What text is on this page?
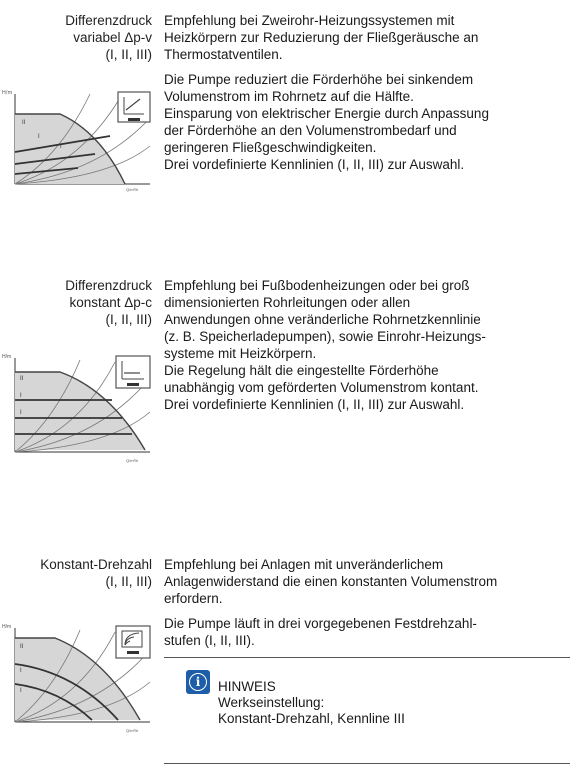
Differenzdruck
variabel Δp-v
(I, II, III)

Empfehlung bei Zweirohr-Heizungssystemen mit
Heizkörpern zur Reduzierung der Fließgeräusche an
Thermostatventilen.

Die Pumpe reduziert die Förderhöhe bei sinkendem
Volumenstrom im Rohrnetz auf die Hälfte.

Einsparung von elektrischer Energie durch Anpassung
der Förderhöhe an den Volumenstrombedarf und
geringeren Fließgeschwindigkeiten.

Drei vordefinierte Kennlinien (I, II, III) zur Auswahl.

H/m
II
I
I
Q/m³/h
Differenzdruck
konstant Δp-c
(I, II, III)

Empfehlung bei Fußbodenheizungen oder bei groß
dimensionierten Rohrleitungen oder allen
Anwendungen ohne veränderliche Rohrnetzkennlinie
(z. B. Speicherladepumpen), sowie Einrohr-Heizungs-
systeme mit Heizkörpern.

Die Regelung hält die eingestellte Förderhöhe
unabhängig vom geförderten Volumenstrom kontant.

Drei vordefinierte Kennlinien (I, II, III) zur Auswahl.

H/m
II
I
I
Q/m³/h
Konstant-Drehzahl
(I, II, III)

Empfehlung bei Anlagen mit unveränderlichem
Anlagenwiderstand die einen konstanten Volumenstrom
erfordern.

Die Pumpe läuft in drei vorgegebenen Festdrehzahl-
stufen (I, II, III).

H/m
II
I
I
Q/m³/h
i	HINWEIS
Werkseinstellung:
Konstant-Drehzahl, Kennline III
